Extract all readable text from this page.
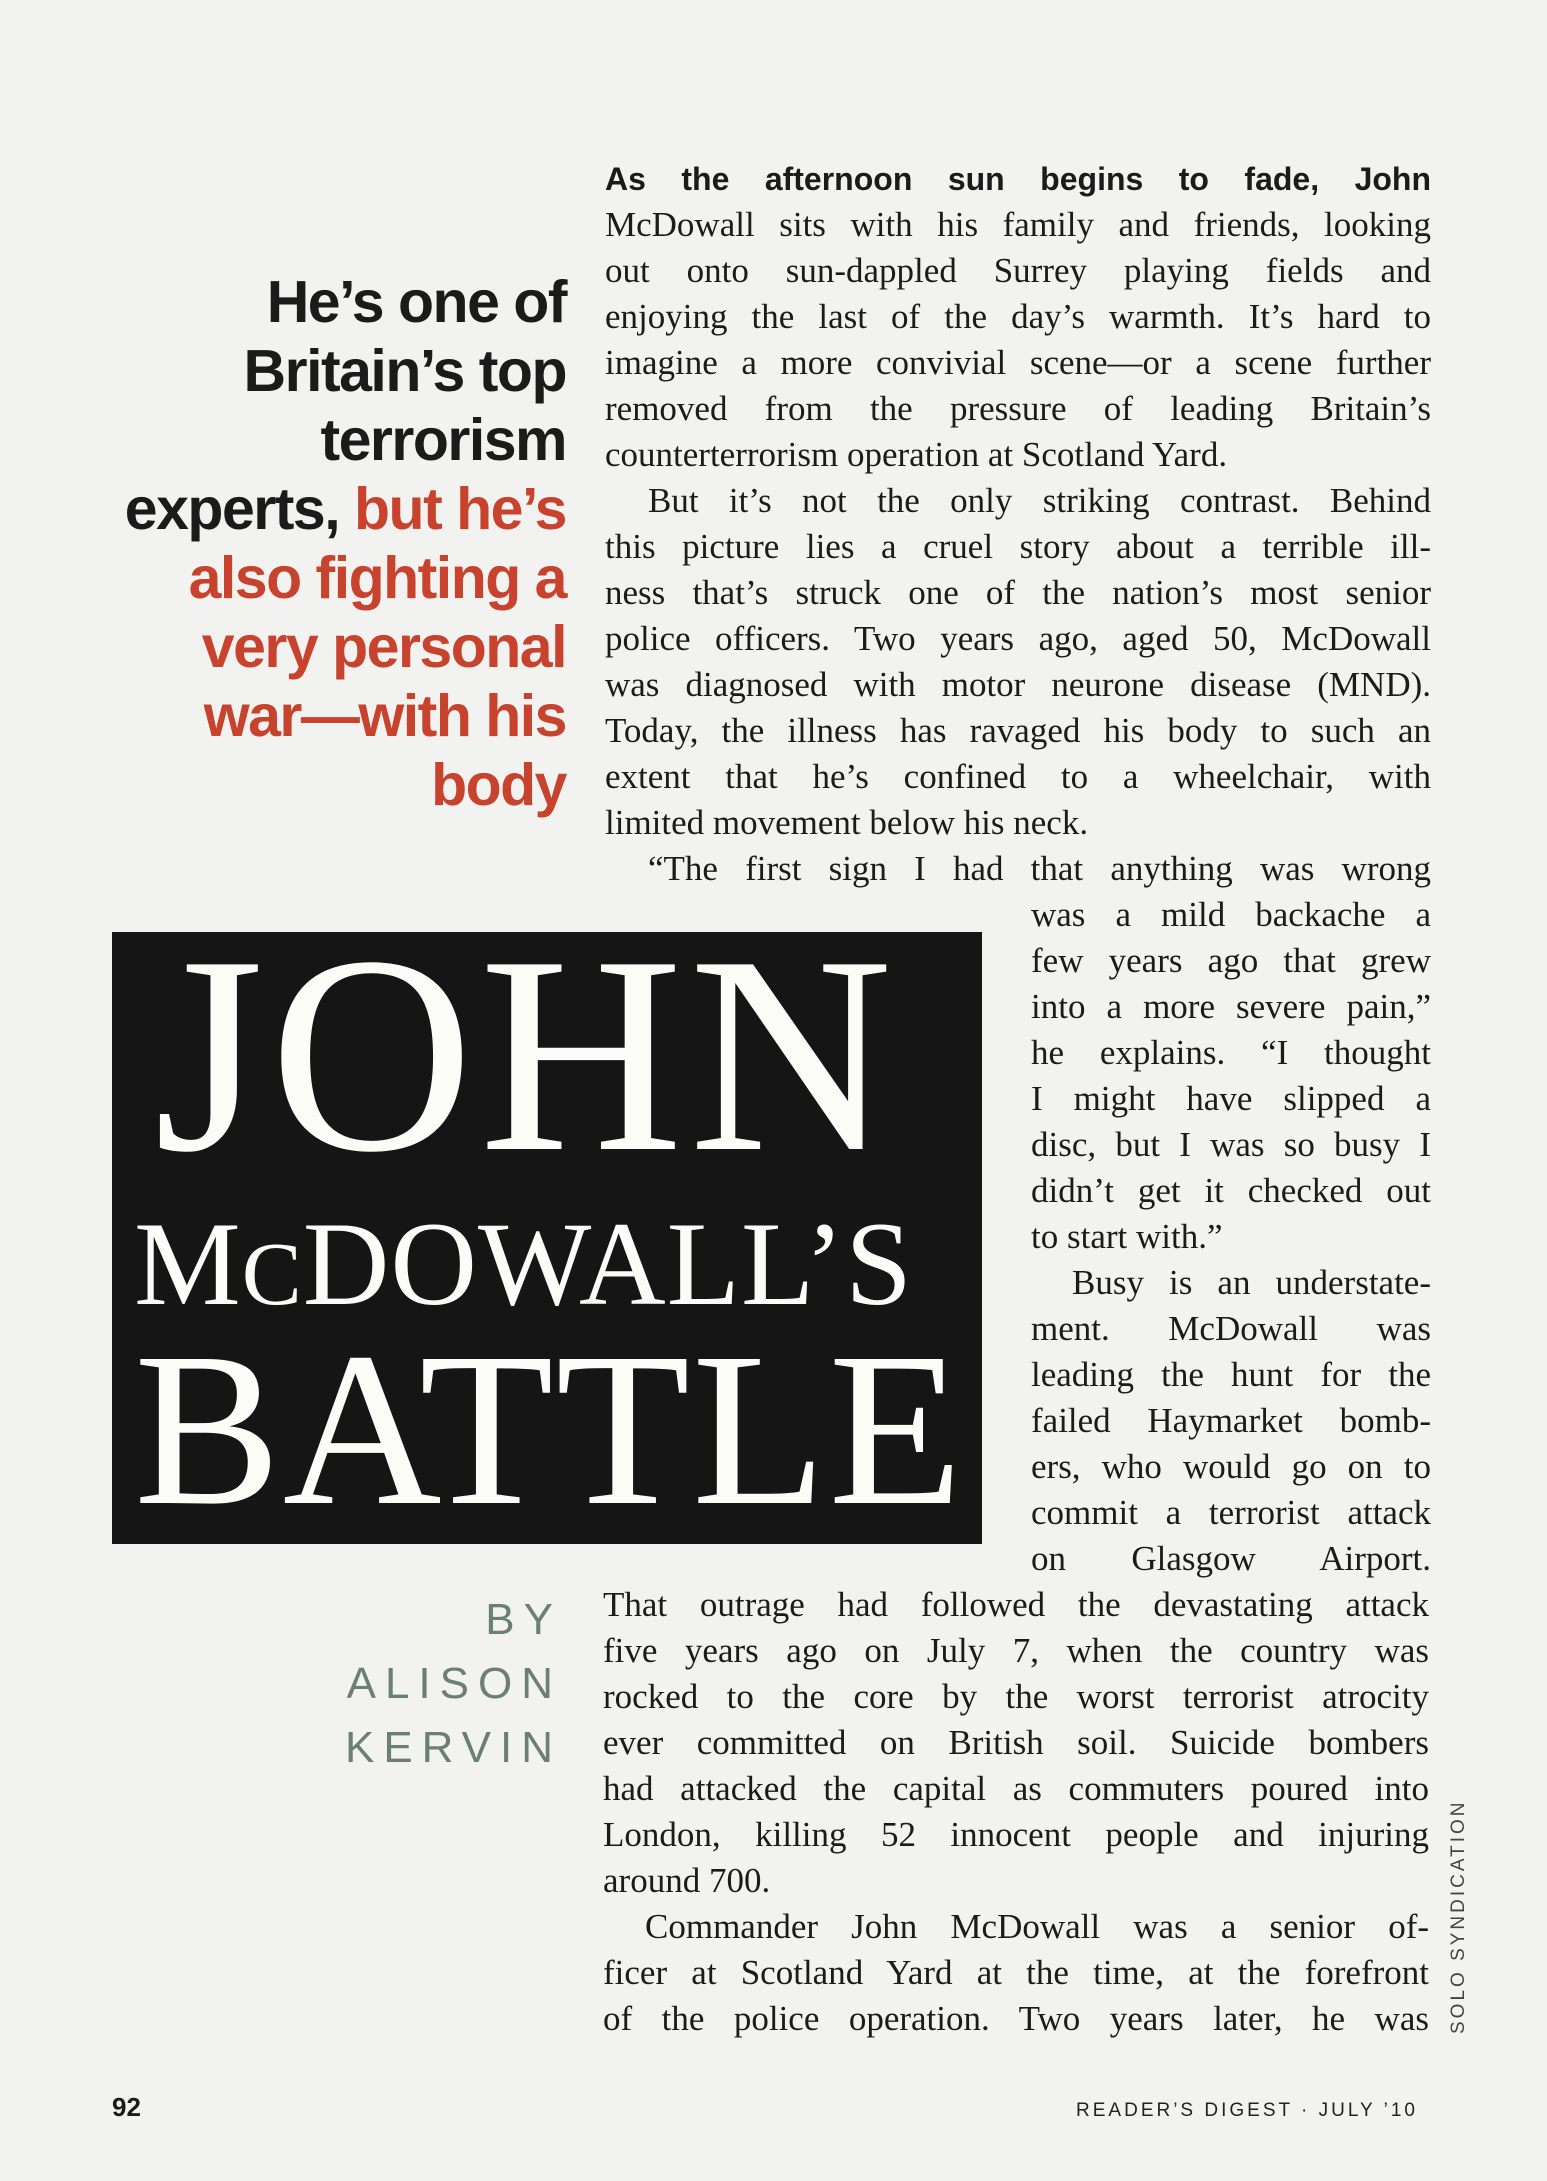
He’s one of Britain’s top terrorism experts, but he’s also fighting a very personal war—with his body
JOHN
MCDOWALL’S
BATTLE
BY
ALISON
KERVIN
As the afternoon sun begins to fade, John
McDowall sits with his family and friends, looking
out onto sun-dappled Surrey playing fields and
enjoying the last of the day’s warmth. It’s hard to
imagine a more convivial scene—or a scene further
removed from the pressure of leading Britain’s
counterterrorism operation at Scotland Yard.
But it’s not the only striking contrast. Behind
this picture lies a cruel story about a terrible ill-
ness that’s struck one of the nation’s most senior
police officers. Two years ago, aged 50, McDowall
was diagnosed with motor neurone disease (MND).
Today, the illness has ravaged his body to such an
extent that he’s confined to a wheelchair, with
limited movement below his neck.
“The first sign I had that anything was wrong
was a mild backache a
few years ago that grew
into a more severe pain,”
he explains. “I thought
I might have slipped a
disc, but I was so busy I
didn’t get it checked out
to start with.”
Busy is an understate-
ment. McDowall was
leading the hunt for the
failed Haymarket bomb-
ers, who would go on to
commit a terrorist attack
on Glasgow Airport.
That outrage had followed the devastating attack
five years ago on July 7, when the country was
rocked to the core by the worst terrorist atrocity
ever committed on British soil. Suicide bombers
had attacked the capital as commuters poured into
London, killing 52 innocent people and injuring
around 700.
Commander John McDowall was a senior of-
ficer at Scotland Yard at the time, at the forefront
of the police operation. Two years later, he was SOLO SYNDICATION
92	READER’S DIGEST · JULY ’10
